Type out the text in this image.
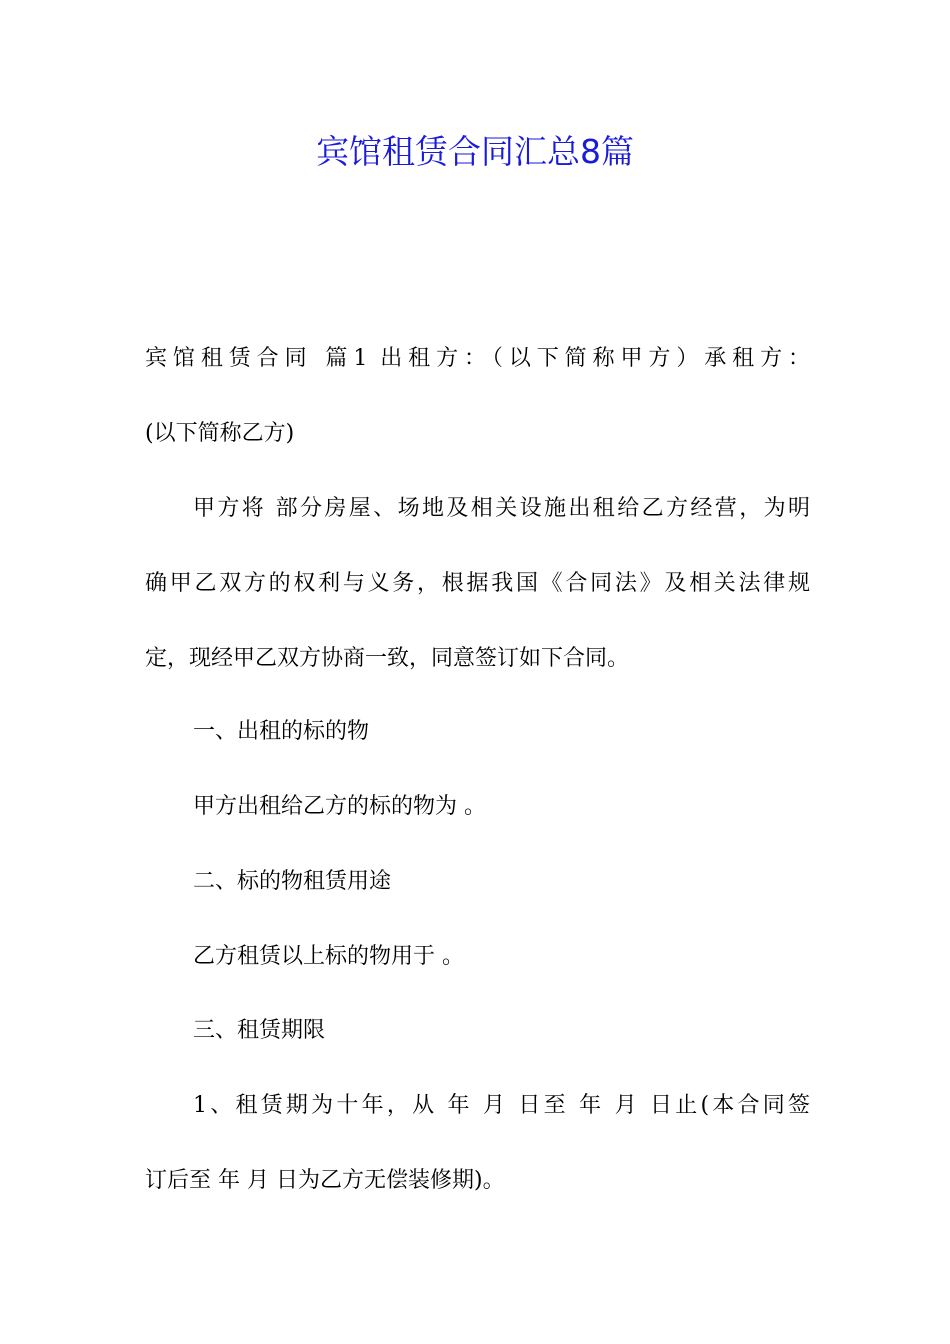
宾馆租赁合同汇总8篇

宾馆租赁合同 篇1 出租方：（以下简称甲方）承租方：

(以下简称乙方)

甲方将 部分房屋、场地及相关设施出租给乙方经营，为明

确甲乙双方的权利与义务，根据我国《合同法》及相关法律规

定，现经甲乙双方协商一致，同意签订如下合同。

一、出租的标的物

甲方出租给乙方的标的物为 。

二、标的物租赁用途

乙方租赁以上标的物用于 。

三、租赁期限

1、租赁期为十年，从 年 月 日至 年 月 日止(本合同签

订后至 年 月 日为乙方无偿装修期)。
